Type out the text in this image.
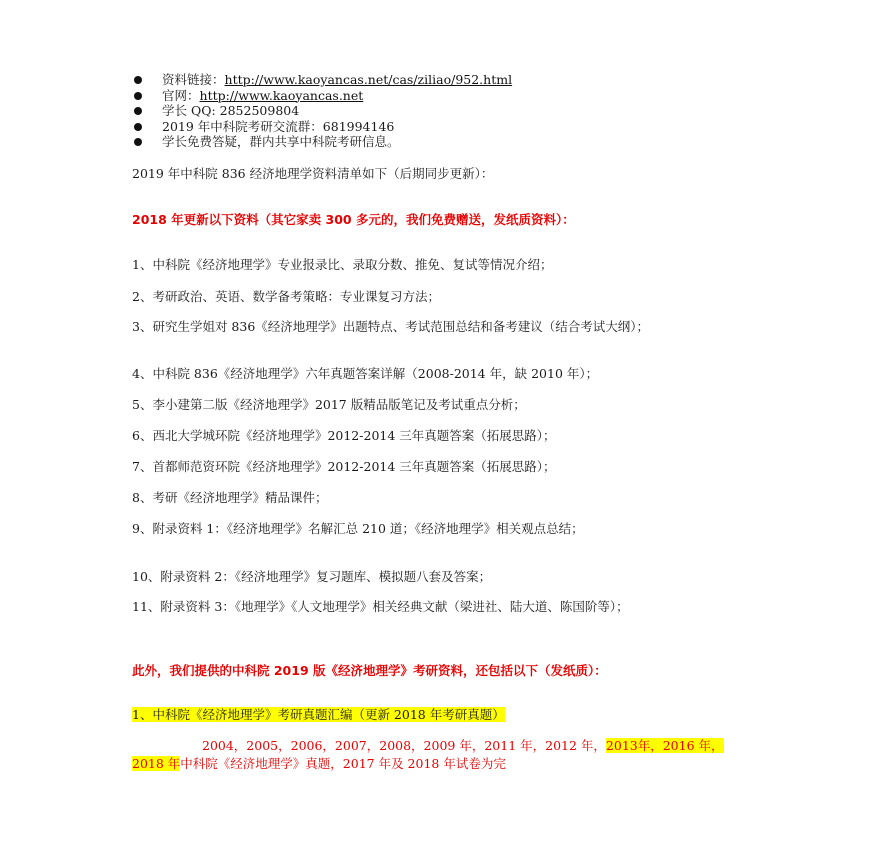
资料链接：http://www.kaoyancas.net/cas/ziliao/952.html
官网：http://www.kaoyancas.net
学长 QQ: 2852509804
2019 年中科院考研交流群：681994146
学长免费答疑，群内共享中科院考研信息。

2019 年中科院 836 经济地理学资料清单如下（后期同步更新）：

2018 年更新以下资料（其它家卖 300 多元的，我们免费赠送，发纸质资料）：

1、中科院《经济地理学》专业报录比、录取分数、推免、复试等情况介绍；

2、考研政治、英语、数学备考策略：专业课复习方法；

3、研究生学姐对 836《经济地理学》出题特点、考试范围总结和备考建议（结合考试大纲）；

4、中科院 836《经济地理学》六年真题答案详解（2008-2014 年，缺 2010 年）；

5、李小建第二版《经济地理学》2017 版精品版笔记及考试重点分析；

6、西北大学城环院《经济地理学》2012-2014 三年真题答案（拓展思路）；

7、首都师范资环院《经济地理学》2012-2014 三年真题答案（拓展思路）；

8、考研《经济地理学》精品课件；

9、附录资料 1：《经济地理学》名解汇总 210 道；《经济地理学》相关观点总结；

10、附录资料 2：《经济地理学》复习题库、模拟题八套及答案；

11、附录资料 3：《地理学》《人文地理学》相关经典文献（梁进社、陆大道、陈国阶等）；

此外，我们提供的中科院 2019 版《经济地理学》考研资料，还包括以下（发纸质）：

1、中科院《经济地理学》考研真题汇编（更新 2018 年考研真题）

2004，2005，2006，2007，2008，2009 年，2011 年，2012 年，2013年，2016 年，2018 年中科院《经济地理学》真题，2017 年及 2018 年试卷为完
